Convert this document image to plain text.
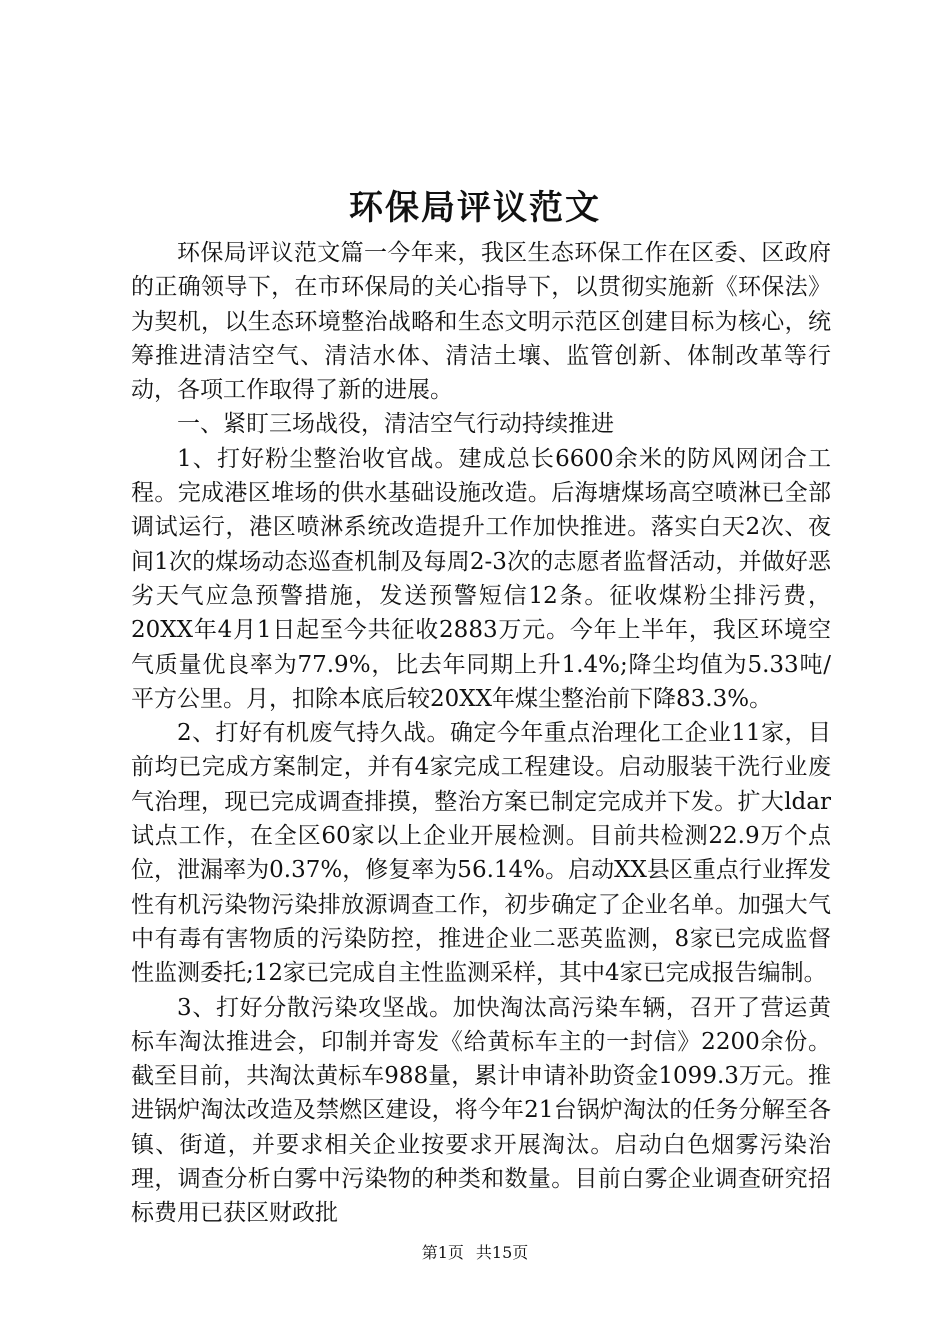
环保局评议范文

环保局评议范文篇一今年来，我区生态环保工作在区委、区政府的正确领导下，在市环保局的关心指导下，以贯彻实施新《环保法》为契机，以生态环境整治战略和生态文明示范区创建目标为核心，统筹推进清洁空气、清洁水体、清洁土壤、监管创新、体制改革等行动，各项工作取得了新的进展。

一、紧盯三场战役，清洁空气行动持续推进

1、打好粉尘整治收官战。建成总长6600余米的防风网闭合工程。完成港区堆场的供水基础设施改造。后海塘煤场高空喷淋已全部调试运行，港区喷淋系统改造提升工作加快推进。落实白天2次、夜间1次的煤场动态巡查机制及每周2-3次的志愿者监督活动，并做好恶劣天气应急预警措施，发送预警短信12条。征收煤粉尘排污费，20XX年4月1日起至今共征收2883万元。今年上半年，我区环境空气质量优良率为77.9%，比去年同期上升1.4%;降尘均值为5.33吨/平方公里。月，扣除本底后较20XX年煤尘整治前下降83.3%。

2、打好有机废气持久战。确定今年重点治理化工企业11家，目前均已完成方案制定，并有4家完成工程建设。启动服装干洗行业废气治理，现已完成调查排摸，整治方案已制定完成并下发。扩大ldar试点工作，在全区60家以上企业开展检测。目前共检测22.9万个点位，泄漏率为0.37%，修复率为56.14%。启动XX县区重点行业挥发性有机污染物污染排放源调查工作，初步确定了企业名单。加强大气中有毒有害物质的污染防控，推进企业二恶英监测，8家已完成监督性监测委托;12家已完成自主性监测采样，其中4家已完成报告编制。

3、打好分散污染攻坚战。加快淘汰高污染车辆，召开了营运黄标车淘汰推进会，印制并寄发《给黄标车主的一封信》2200余份。截至目前，共淘汰黄标车988量，累计申请补助资金1099.3万元。推进锅炉淘汰改造及禁燃区建设，将今年21台锅炉淘汰的任务分解至各镇、街道，并要求相关企业按要求开展淘汰。启动白色烟雾污染治理，调查分析白雾中污染物的种类和数量。目前白雾企业调查研究招标费用已获区财政批

第1页 共15页
